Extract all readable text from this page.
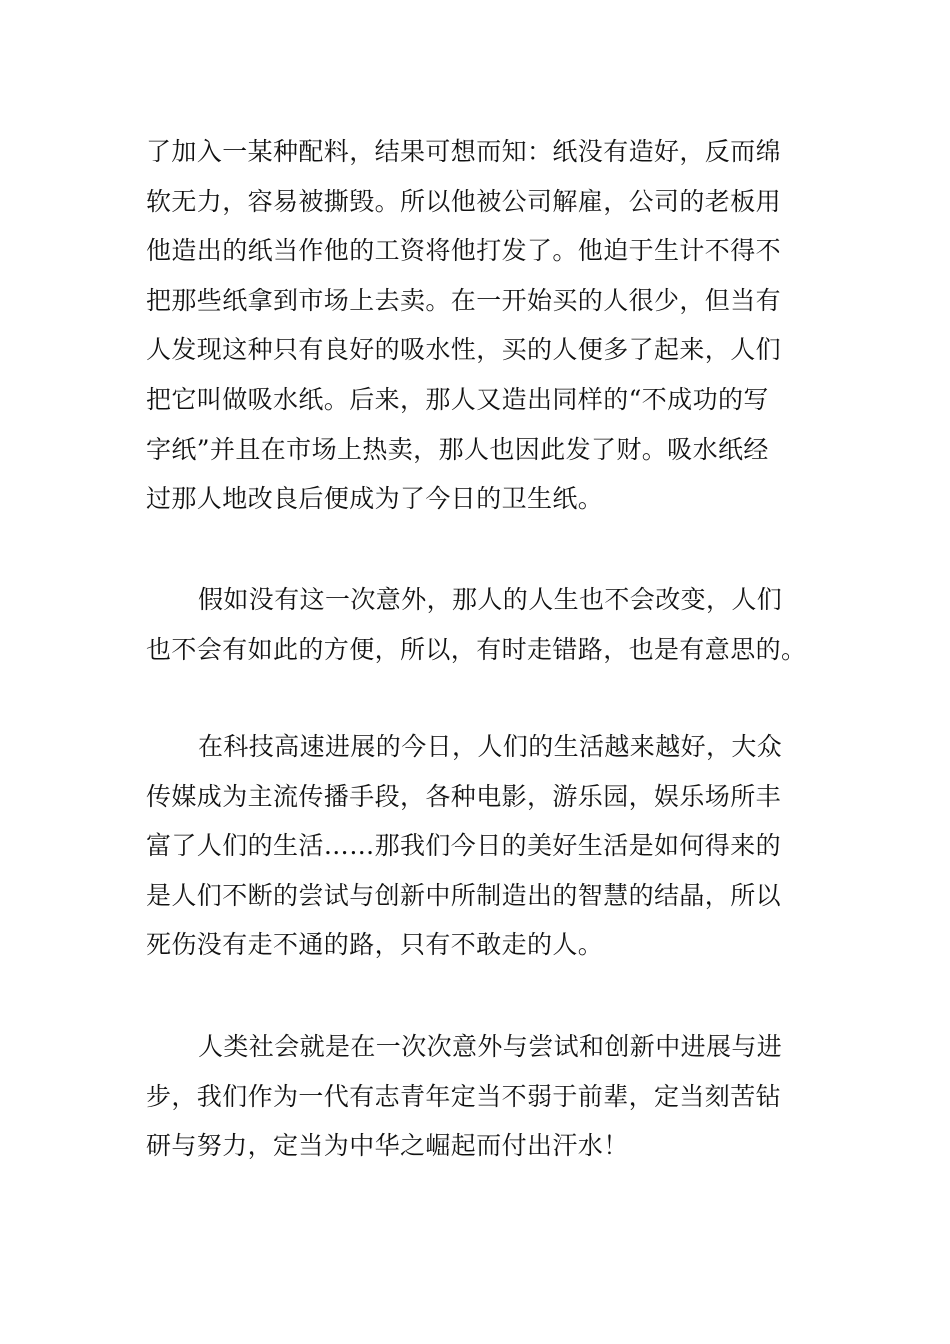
了加入一某种配料，结果可想而知：纸没有造好，反而绵
软无力，容易被撕毁。所以他被公司解雇，公司的老板用
他造出的纸当作他的工资将他打发了。他迫于生计不得不
把那些纸拿到市场上去卖。在一开始买的人很少，但当有
人发现这种只有良好的吸水性，买的人便多了起来，人们
把它叫做吸水纸。后来，那人又造出同样的“不成功的写
字纸”并且在市场上热卖，那人也因此发了财。吸水纸经
过那人地改良后便成为了今日的卫生纸。
假如没有这一次意外，那人的人生也不会改变，人们
也不会有如此的方便，所以，有时走错路，也是有意思的。
在科技高速进展的今日，人们的生活越来越好，大众
传媒成为主流传播手段，各种电影，游乐园，娱乐场所丰
富了人们的生活……那我们今日的美好生活是如何得来的
是人们不断的尝试与创新中所制造出的智慧的结晶，所以
死伤没有走不通的路，只有不敢走的人。
人类社会就是在一次次意外与尝试和创新中进展与进
步，我们作为一代有志青年定当不弱于前辈，定当刻苦钻
研与努力，定当为中华之崛起而付出汗水！
